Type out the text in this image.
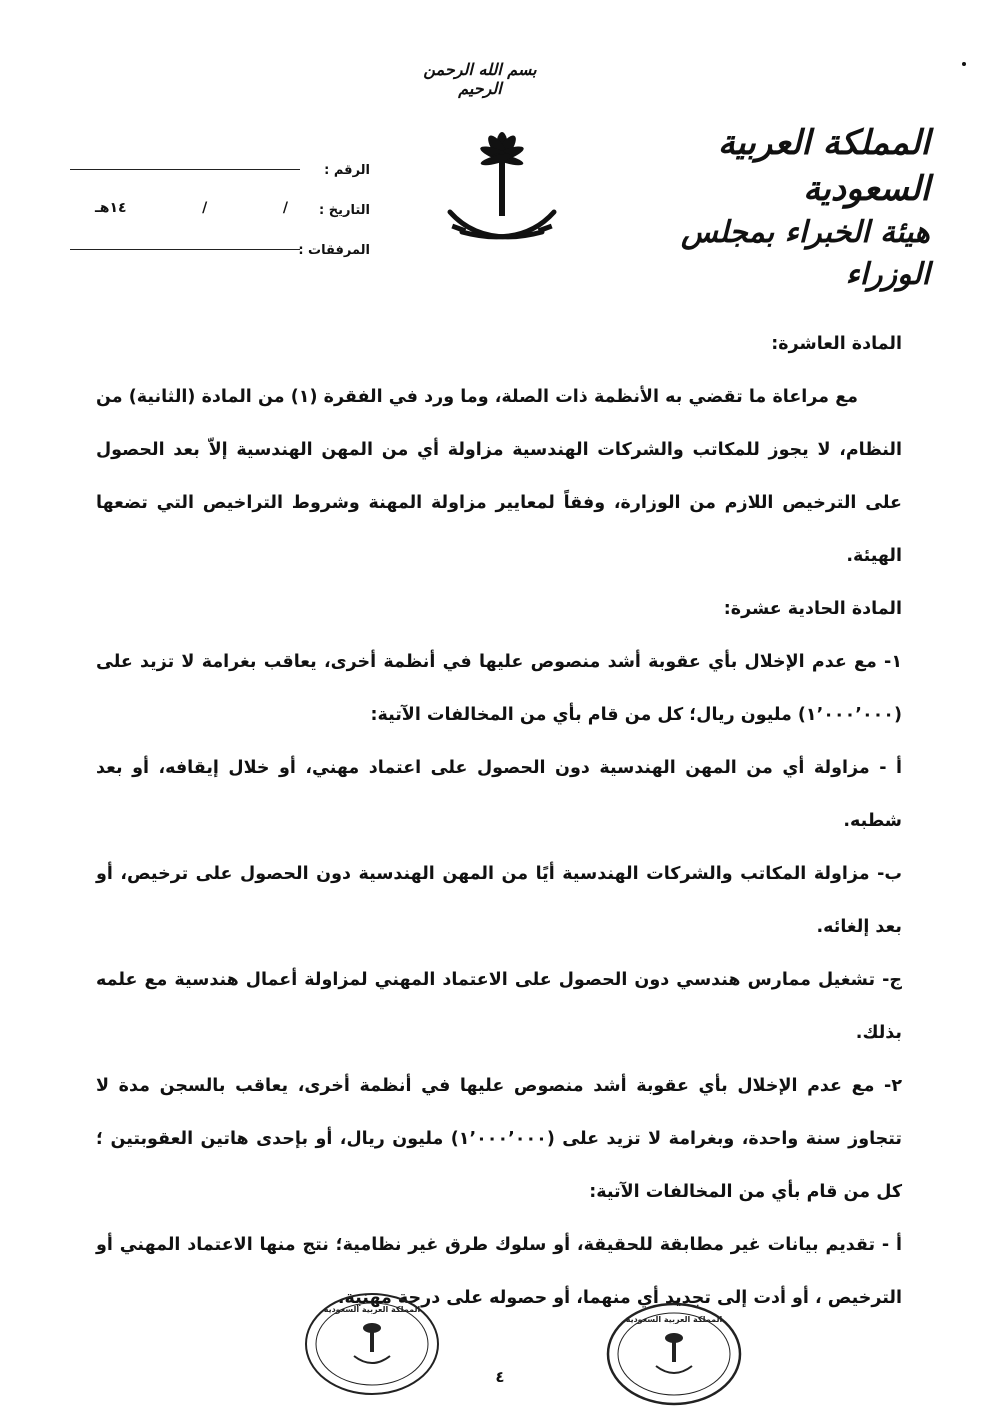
بسم الله الرحمن الرحيم
المملكة العربية السعودية
هيئة الخبراء بمجلس الوزراء
الرقم :
التاريخ :
/
/
١٤هـ
المرفقات :
المادة العاشرة:

مع مراعاة ما تقضي به الأنظمة ذات الصلة، وما ورد في الفقرة (١) من المادة (الثانية) من النظام، لا يجوز للمكاتب والشركات الهندسية مزاولة أي من المهن الهندسية إلاّ بعد الحصول على الترخيص اللازم من الوزارة، وفقاً لمعايير مزاولة المهنة وشروط التراخيص التي تضعها الهيئة.

المادة الحادية عشرة:

١- مع عدم الإخلال بأي عقوبة أشد منصوص عليها في أنظمة أخرى، يعاقب بغرامة لا تزيد على (١٬٠٠٠٬٠٠٠) مليون ريال؛ كل من قام بأي من المخالفات الآتية:

أ - مزاولة أي من المهن الهندسية دون الحصول على اعتماد مهني، أو خلال إيقافه، أو بعد شطبه.

ب- مزاولة المكاتب والشركات الهندسية أيًا من المهن الهندسية دون الحصول على ترخيص، أو بعد إلغائه.

ج- تشغيل ممارس هندسي دون الحصول على الاعتماد المهني لمزاولة أعمال هندسية مع علمه بذلك.

٢- مع عدم الإخلال بأي عقوبة أشد منصوص عليها في أنظمة أخرى، يعاقب بالسجن مدة لا تتجاوز سنة واحدة، وبغرامة لا تزيد على (١٬٠٠٠٬٠٠٠) مليون ريال، أو بإحدى هاتين العقوبتين ؛ كل من قام بأي من المخالفات الآتية:

أ - تقديم بيانات غير مطابقة للحقيقة، أو سلوك طرق غير نظامية؛ نتج منها الاعتماد المهني أو الترخيص ، أو أدت إلى تجديد أي منهما، أو حصوله على درجة مهنية.

المملكة العربية السعودية
المملكة العربية السعودية
٤
